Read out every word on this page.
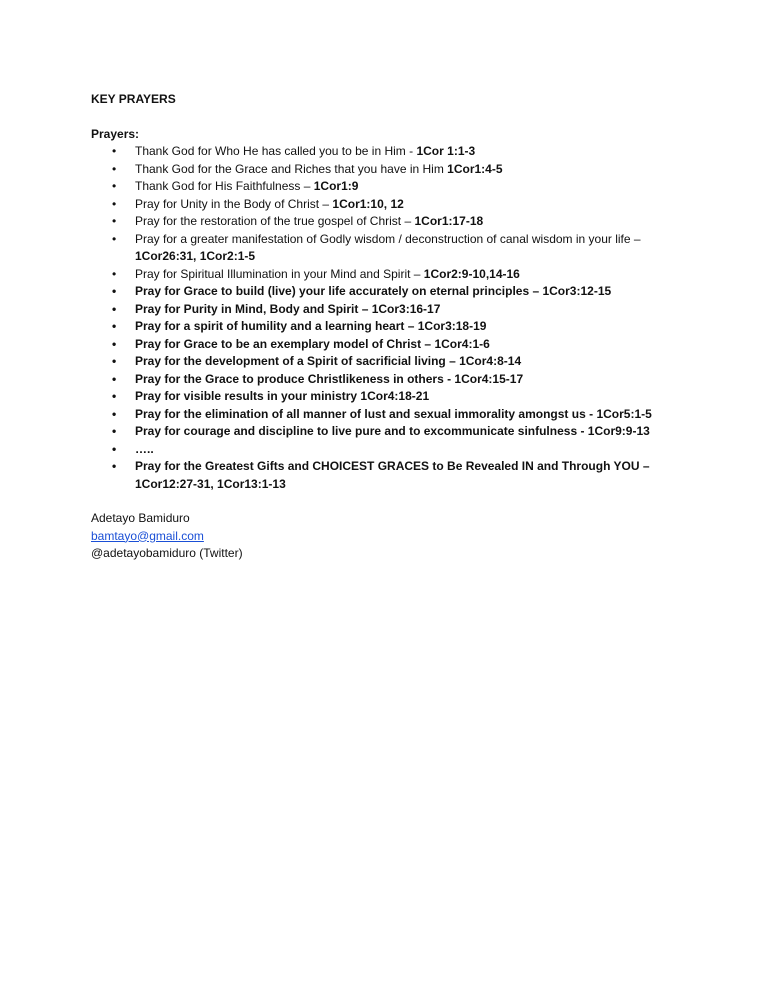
KEY PRAYERS
Prayers:
• Thank God for Who He has called you to be in Him - 1Cor 1:1-3
• Thank God for the Grace and Riches that you have in Him 1Cor1:4-5
• Thank God for His Faithfulness – 1Cor1:9
• Pray for Unity in the Body of Christ – 1Cor1:10, 12
• Pray for the restoration of the true gospel of Christ – 1Cor1:17-18
• Pray for a greater manifestation of Godly wisdom / deconstruction of canal wisdom in your life – 1Cor26:31, 1Cor2:1-5
• Pray for Spiritual Illumination in your Mind and Spirit – 1Cor2:9-10,14-16
• Pray for Grace to build (live) your life accurately on eternal principles – 1Cor3:12-15
• Pray for Purity in Mind, Body and Spirit – 1Cor3:16-17
• Pray for a spirit of humility and a learning heart – 1Cor3:18-19
• Pray for Grace to be an exemplary model of Christ – 1Cor4:1-6
• Pray for the development of a Spirit of sacrificial living – 1Cor4:8-14
• Pray for the Grace to produce Christlikeness in others - 1Cor4:15-17
• Pray for visible results in your ministry 1Cor4:18-21
• Pray for the elimination of all manner of lust and sexual immorality amongst us - 1Cor5:1-5
• Pray for courage and discipline to live pure and to excommunicate sinfulness - 1Cor9:9-13
• …..
• Pray for the Greatest Gifts and CHOICEST GRACES to Be Revealed IN and Through YOU – 1Cor12:27-31, 1Cor13:1-13
Adetayo Bamiduro
bamtayo@gmail.com
@adetayobamiduro (Twitter)
